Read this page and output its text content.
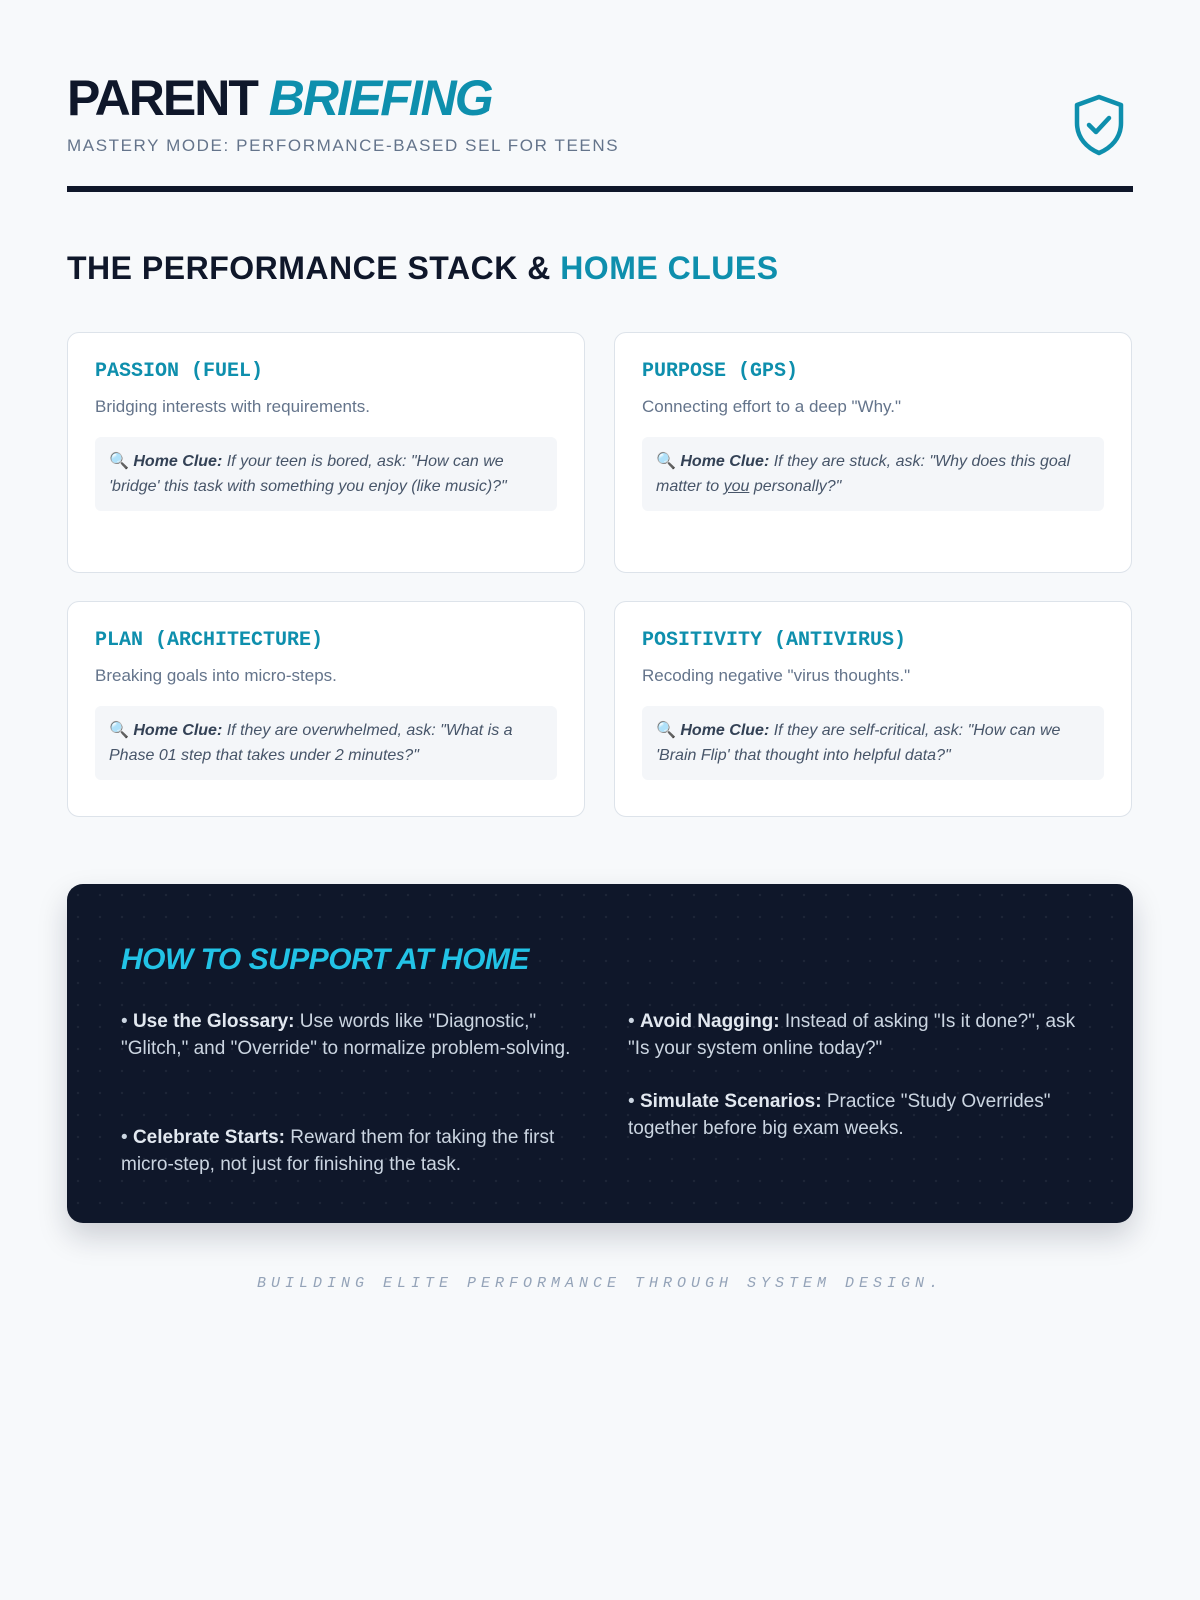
PARENT BRIEFING
MASTERY MODE: PERFORMANCE-BASED SEL FOR TEENS
THE PERFORMANCE STACK & HOME CLUES
PASSION (FUEL)
Bridging interests with requirements.
🔍 Home Clue: If your teen is bored, ask: "How can we 'bridge' this task with something you enjoy (like music)?"
PURPOSE (GPS)
Connecting effort to a deep "Why."
🔍 Home Clue: If they are stuck, ask: "Why does this goal matter to you personally?"
PLAN (ARCHITECTURE)
Breaking goals into micro-steps.
🔍 Home Clue: If they are overwhelmed, ask: "What is a Phase 01 step that takes under 2 minutes?"
POSITIVITY (ANTIVIRUS)
Recoding negative "virus thoughts."
🔍 Home Clue: If they are self-critical, ask: "How can we 'Brain Flip' that thought into helpful data?"
HOW TO SUPPORT AT HOME
• Use the Glossary: Use words like "Diagnostic," "Glitch," and "Override" to normalize problem-solving.
• Celebrate Starts: Reward them for taking the first micro-step, not just for finishing the task.
• Avoid Nagging: Instead of asking "Is it done?", ask "Is your system online today?"
• Simulate Scenarios: Practice "Study Overrides" together before big exam weeks.
BUILDING ELITE PERFORMANCE THROUGH SYSTEM DESIGN.
